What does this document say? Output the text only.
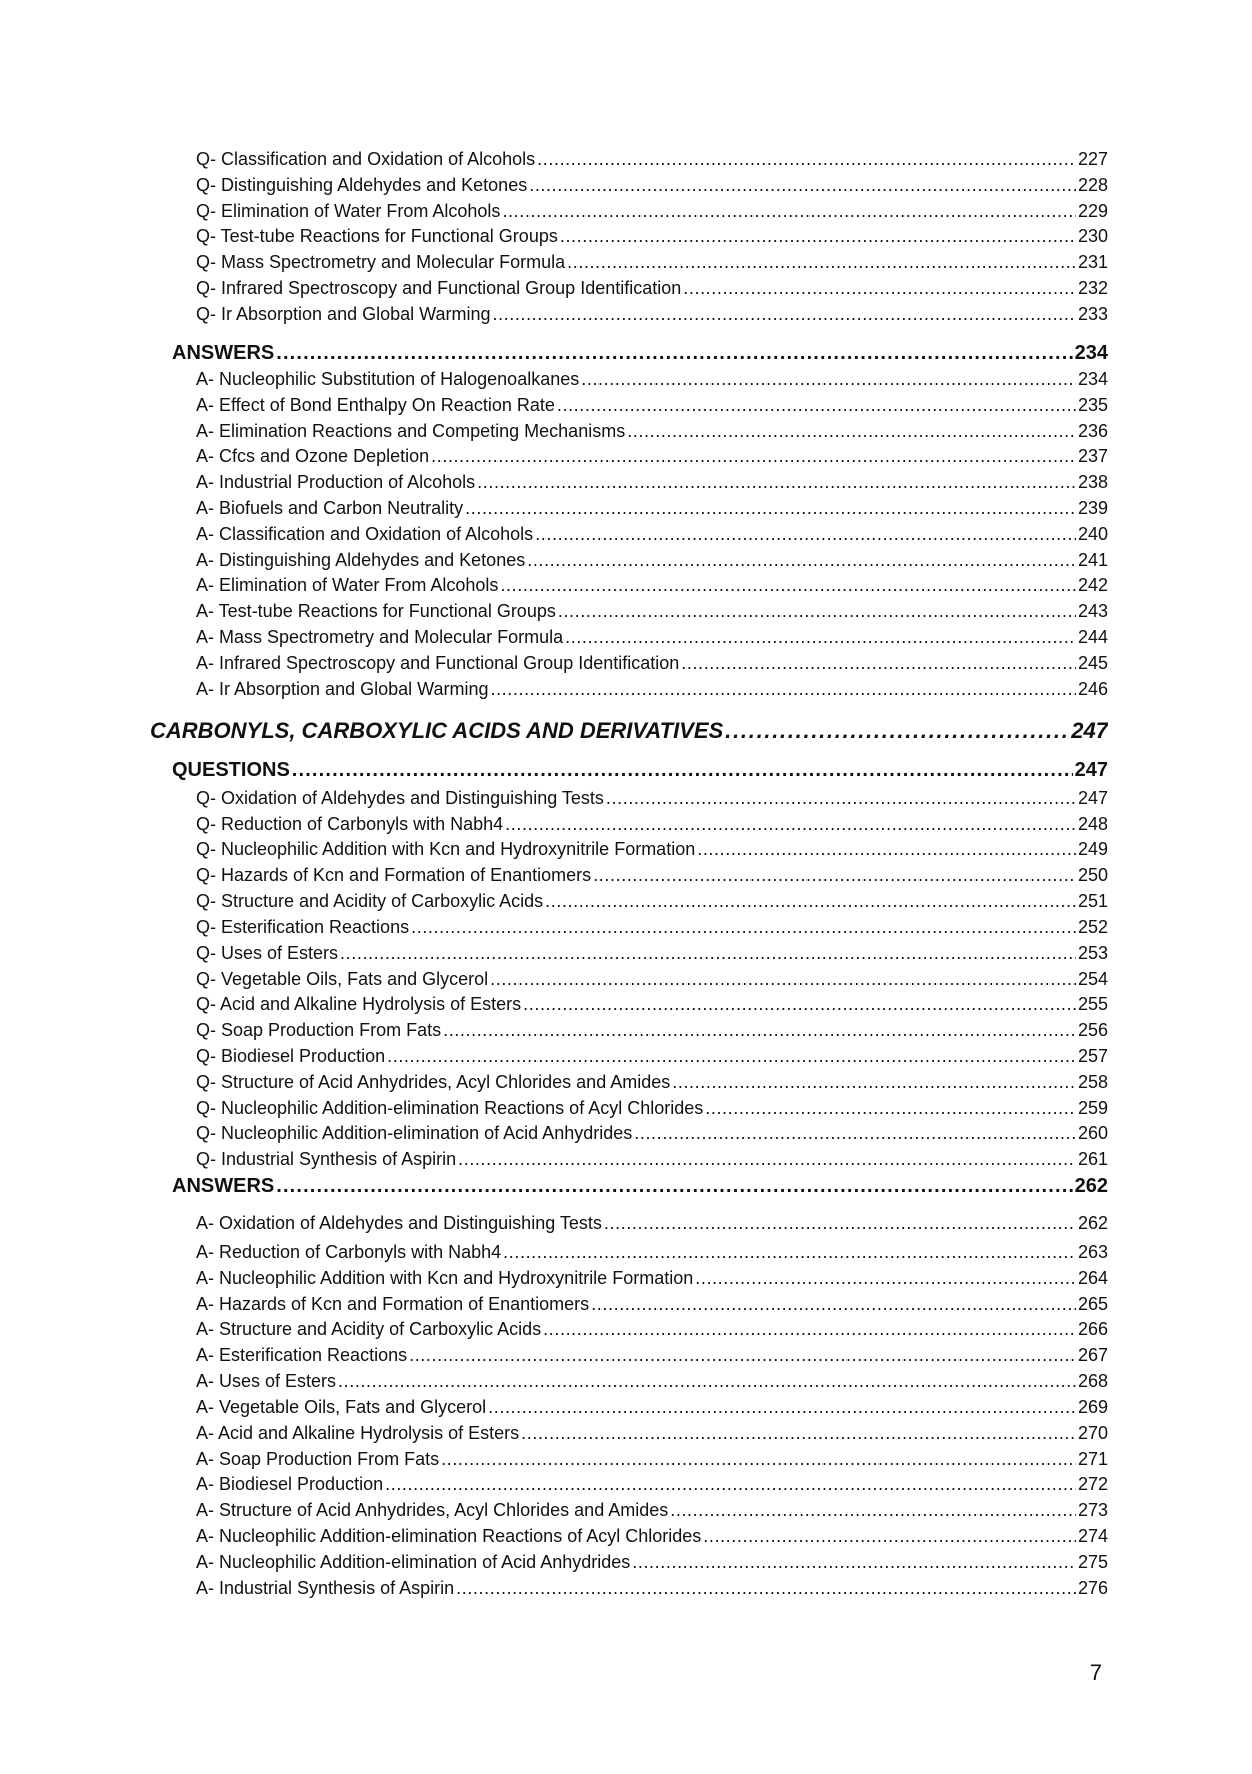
Q- Classification and Oxidation of Alcohols . . .	227
Q- Distinguishing Aldehydes and Ketones . . .	228
Q- Elimination of Water From Alcohols . . .	229
Q- Test-tube Reactions for Functional Groups . . .	230
Q- Mass Spectrometry and Molecular Formula . . .	231
Q- Infrared Spectroscopy and Functional Group Identification . . .	232
Q- Ir Absorption and Global Warming . . .	233
ANSWERS . . .	234
A- Nucleophilic Substitution of Halogenoalkanes . . .	234
A- Effect of Bond Enthalpy On Reaction Rate . . .	235
A- Elimination Reactions and Competing Mechanisms . . .	236
A- Cfcs and Ozone Depletion . . .	237
A- Industrial Production of Alcohols . . .	238
A- Biofuels and Carbon Neutrality . . .	239
A- Classification and Oxidation of Alcohols . . .	240
A- Distinguishing Aldehydes and Ketones . . .	241
A- Elimination of Water From Alcohols . . .	242
A- Test-tube Reactions for Functional Groups . . .	243
A- Mass Spectrometry and Molecular Formula . . .	244
A- Infrared Spectroscopy and Functional Group Identification . . .	245
A- Ir Absorption and Global Warming . . .	246
CARBONYLS, CARBOXYLIC ACIDS AND DERIVATIVES . . .	247
QUESTIONS . . .	247
Q- Oxidation of Aldehydes and Distinguishing Tests . . .	247
Q- Reduction of Carbonyls with Nabh4 . . .	248
Q- Nucleophilic Addition with Kcn and Hydroxynitrile Formation . . .	249
Q- Hazards of Kcn and Formation of Enantiomers . . .	250
Q- Structure and Acidity of Carboxylic Acids . . .	251
Q- Esterification Reactions . . .	252
Q- Uses of Esters . . .	253
Q- Vegetable Oils, Fats and Glycerol . . .	254
Q- Acid and Alkaline Hydrolysis of Esters . . .	255
Q- Soap Production From Fats . . .	256
Q- Biodiesel Production . . .	257
Q- Structure of Acid Anhydrides, Acyl Chlorides and Amides . . .	258
Q- Nucleophilic Addition-elimination Reactions of Acyl Chlorides . . .	259
Q- Nucleophilic Addition-elimination of Acid Anhydrides . . .	260
Q- Industrial Synthesis of Aspirin . . .	261
ANSWERS . . .	262
A- Oxidation of Aldehydes and Distinguishing Tests . . .	262
A- Reduction of Carbonyls with Nabh4 . . .	263
A- Nucleophilic Addition with Kcn and Hydroxynitrile Formation . . .	264
A- Hazards of Kcn and Formation of Enantiomers . . .	265
A- Structure and Acidity of Carboxylic Acids . . .	266
A- Esterification Reactions . . .	267
A- Uses of Esters . . .	268
A- Vegetable Oils, Fats and Glycerol . . .	269
A- Acid and Alkaline Hydrolysis of Esters . . .	270
A- Soap Production From Fats . . .	271
A- Biodiesel Production . . .	272
A- Structure of Acid Anhydrides, Acyl Chlorides and Amides . . .	273
A- Nucleophilic Addition-elimination Reactions of Acyl Chlorides . . .	274
A- Nucleophilic Addition-elimination of Acid Anhydrides . . .	275
A- Industrial Synthesis of Aspirin . . .	276
7
